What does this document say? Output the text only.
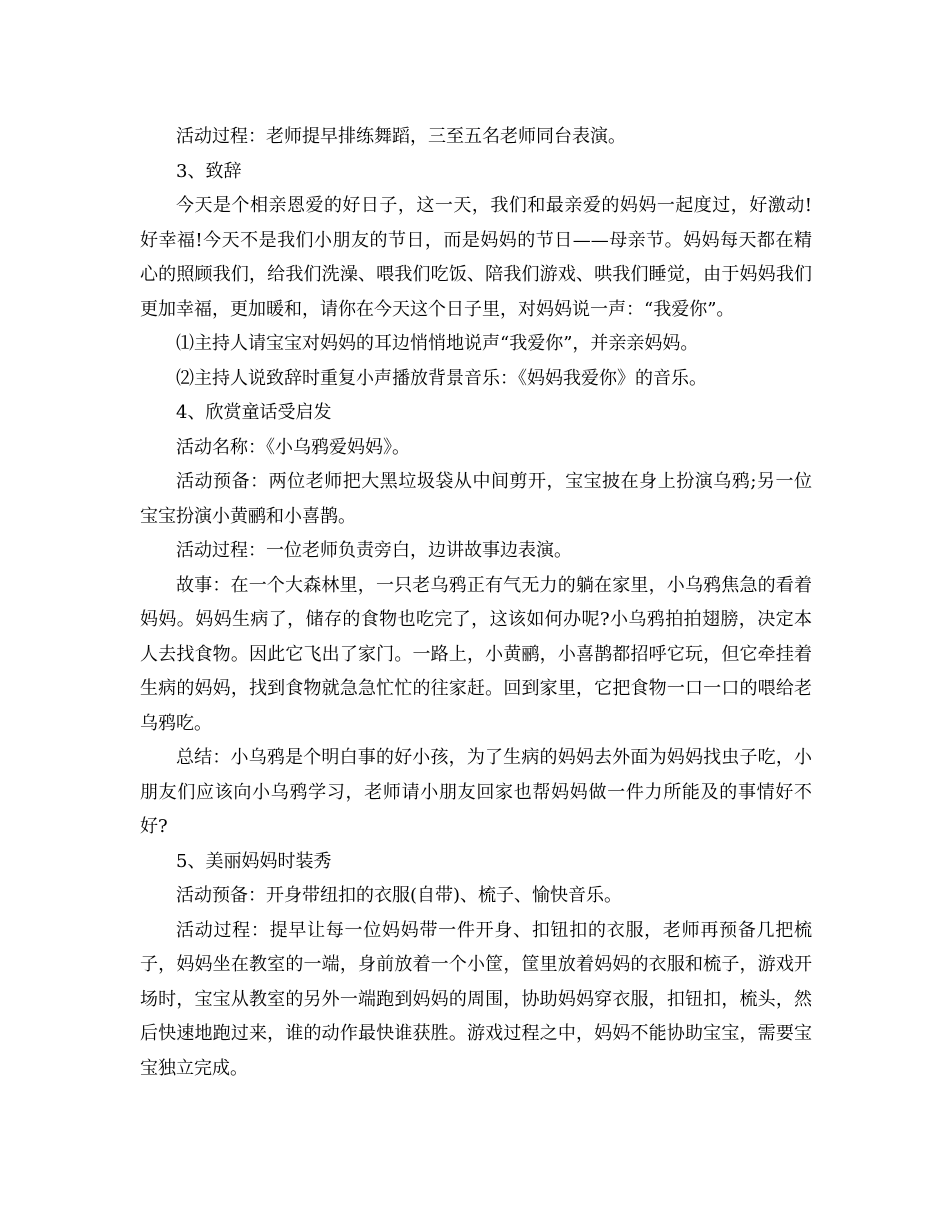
活动过程：老师提早排练舞蹈，三至五名老师同台表演。

3、致辞

今天是个相亲恩爱的好日子，这一天，我们和最亲爱的妈妈一起度过，好激动!好幸福!今天不是我们小朋友的节日，而是妈妈的节日——母亲节。妈妈每天都在精心的照顾我们，给我们洗澡、喂我们吃饭、陪我们游戏、哄我们睡觉，由于妈妈我们更加幸福，更加暖和，请你在今天这个日子里，对妈妈说一声：“我爱你”。

⑴主持人请宝宝对妈妈的耳边悄悄地说声“我爱你”，并亲亲妈妈。

⑵主持人说致辞时重复小声播放背景音乐：《妈妈我爱你》的音乐。

4、欣赏童话受启发

活动名称：《小乌鸦爱妈妈》。

活动预备：两位老师把大黑垃圾袋从中间剪开，宝宝披在身上扮演乌鸦;另一位宝宝扮演小黄鹂和小喜鹊。

活动过程：一位老师负责旁白，边讲故事边表演。

故事：在一个大森林里，一只老乌鸦正有气无力的躺在家里，小乌鸦焦急的看着妈妈。妈妈生病了，储存的食物也吃完了，这该如何办呢?小乌鸦拍拍翅膀，决定本人去找食物。因此它飞出了家门。一路上，小黄鹂，小喜鹊都招呼它玩，但它牵挂着生病的妈妈，找到食物就急急忙忙的往家赶。回到家里，它把食物一口一口的喂给老乌鸦吃。

总结：小乌鸦是个明白事的好小孩，为了生病的妈妈去外面为妈妈找虫子吃，小朋友们应该向小乌鸦学习，老师请小朋友回家也帮妈妈做一件力所能及的事情好不好?

5、美丽妈妈时装秀

活动预备：开身带纽扣的衣服(自带)、梳子、愉快音乐。

活动过程：提早让每一位妈妈带一件开身、扣钮扣的衣服，老师再预备几把梳子，妈妈坐在教室的一端，身前放着一个小筐，筐里放着妈妈的衣服和梳子，游戏开场时，宝宝从教室的另外一端跑到妈妈的周围，协助妈妈穿衣服，扣钮扣，梳头，然后快速地跑过来，谁的动作最快谁获胜。游戏过程之中，妈妈不能协助宝宝，需要宝宝独立完成。
